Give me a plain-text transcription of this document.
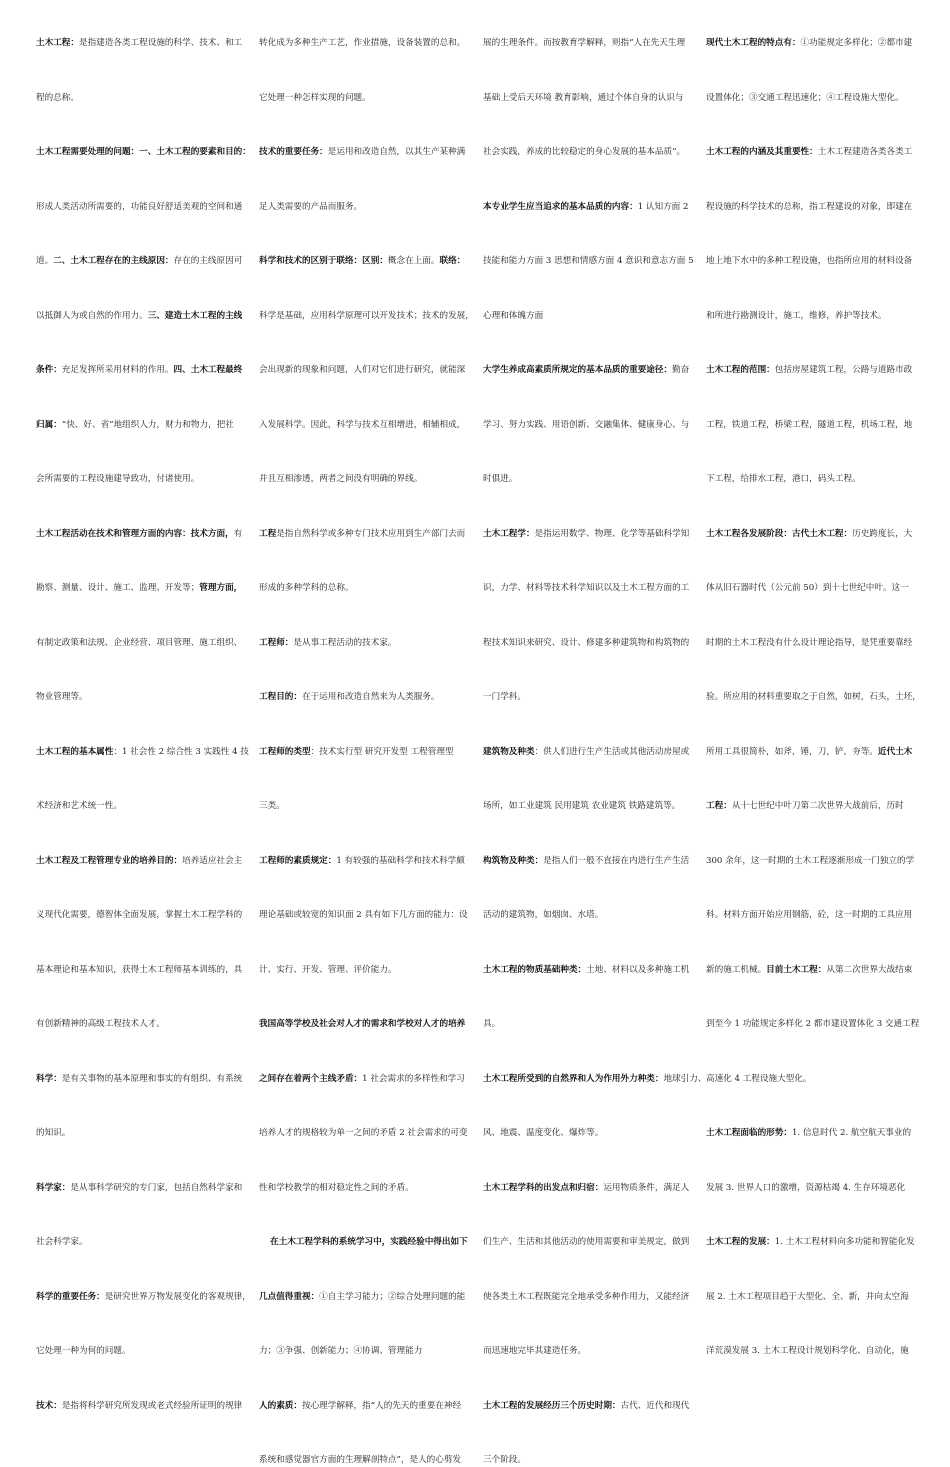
土木工程：是指建造各类工程设施的科学、技术、和工
程的总称。
土木工程需要处理的问题：一、土木工程的要素和目的：
形成人类活动所需要的，功能良好舒适美观的空间和通
道。二、土木工程存在的主线原因：存在的主线原因可
以抵御人为或自然的作用力。三、建造土木工程的主线
条件：充足发挥所采用材料的作用。四、土木工程最终
归属：“快、好、省”地组织人力，财力和物力，把社
会所需要的工程设施建导致功，付诸使用。
土木工程活动在技术和管理方面的内容：技术方面，有
勘察、测量、设计、施工、监理、开发等；管理方面，
有制定政策和法规、企业经营、项目管理、施工组织、
物业管理等。
土木工程的基本属性：1 社会性 2 综合性 3 实践性 4 技
术经济和艺术统一性。
土木工程及工程管理专业的培养目的：培养适应社会主
义现代化需要，德智体全面发展，掌握土木工程学科的
基本理论和基本知识，获得土木工程师基本训练的，具
有创新精神的高级工程技术人才。
科学：是有关事物的基本原理和事实的有组织、有系统
的知识。
科学家：是从事科学研究的专门家，包括自然科学家和
社会科学家。
科学的重要任务：是研究世界万物发展变化的客观规律，
它处理一种为何的问题。
技术：是指将科学研究所发现或老式经验所证明的规律
转化成为多种生产工艺，作业措施，设备装置的总和。
它处理一种怎样实现的问题。
技术的重要任务：是运用和改造自然，以其生产某种满
足人类需要的产品而服务。
科学和技术的区别于联络：区别：概念在上面。联络：
科学是基础，应用科学原理可以开发技术；技术的发展，
会出现新的现象和问题，人们对它们进行研究，就能深
入发展科学。因此，科学与技术互相增进，相辅相成，
并且互相渗透，两者之间没有明确的界线。
工程是指自然科学或多种专门技术应用到生产部门去而
形成的多种学科的总称。
工程师：是从事工程活动的技术家。
工程目的：在于运用和改造自然来为人类服务。
工程师的类型：技术实行型 研究开发型 工程管理型
三类。
工程师的素质规定：1 有较强的基础科学和技术科学颇
理论基础或较宽的知识面 2 具有如下几方面的能力：设
计、实行、开发、管理、评价能力。
我国高等学校及社会对人才的需求和学校对人才的培养
之间存在着两个主线矛盾：1 社会需求的多样性和学习
培养人才的规格较为单一之间的矛盾 2 社会需求的可变
性和学校教学的相对稳定性之间的矛盾。
在土木工程学科的系统学习中，实践经验中得出如下
几点值得重视：①自主学习能力；②综合处理问题的能
力；③争强、创新能力；④协调、管理能力
人的素质：按心理学解释，指“人的先天的重要在神经
系统和感觉器官方面的生理解剖特点”，是人的心剪发
展的生理条件。而按教育学解释，则指“人在先天生理
基础上受后天环境 教育影响，通过个体自身的认识与
社会实践，养成的比较稳定的身心发展的基本品质”。
本专业学生应当追求的基本品质的内容：1 认知方面 2
技能和能力方面 3 思想和情感方面 4 意识和意志方面 5
心理和体魄方面
大学生养成高素质所规定的基本品质的重要途径：勤奋
学习、努力实践、用语创新、交融集体、健康身心、与
时俱进。
土木工程学：是指运用数学、物理、化学等基础科学知
识，力学、材料等技术科学知识以及土木工程方面的工
程技术知识来研究、设计、修建多种建筑物和构筑物的
一门学科。
建筑物及种类：供人们进行生产生活或其他活动房屋或
场所，如工业建筑 民用建筑 农业建筑 铁路建筑等。
构筑物及种类：是指人们一般不直接在内进行生产生活
活动的建筑物，如烟囱、水塔。
土木工程的物质基础种类：土地、材料以及多种施工机
具。
土木工程所受到的自然界和人为作用外力种类：地球引力、
风、地震、温度变化、爆炸等。
土木工程学科的出发点和归宿：运用物质条件，满足人
们生产、生活和其他活动的使用需要和审美规定，做到
使各类土木工程既能完全地承受多种作用力，又能经济
而迅速地完毕其建造任务。
土木工程的发展经历三个历史时期：古代、近代和现代
三个阶段。
现代土木工程的特点有：①功能规定多样化；②都市建
设置体化；③交通工程迅速化；④工程设施大型化。
土木工程的内涵及其重要性：土木工程建造各类各类工
程设施的科学技术的总称，指工程建设的对象，即建在
地上地下水中的多种工程设施，也指所应用的材料设备
和所进行勘测设计，施工，维修，养护等技术。
土木工程的范围：包括房屋建筑工程，公路与道路市政
工程，铁道工程，桥梁工程，隧道工程，机场工程，地
下工程，给排水工程，港口，码头工程。
土木工程各发展阶段：古代土木工程：历史跨度长，大
体从旧石器时代（公元前 50）到十七世纪中叶。这一
时期的土木工程没有什么设计理论指导，是凭重要靠经
验。所应用的材料重要取之于自然，如树，石头，土坯，
所用工具很简朴，如斧，锤，刀，铲，夯等。近代土木
工程：从十七世纪中叶刀第二次世界大战前后，历时
300 余年，这一时期的土木工程逐渐形成一门独立的学
科。材料方面开始应用钢筋，砼，这一时期的工具应用
新的施工机械。目前土木工程：从第二次世界大战结束
到至今 1 功能规定多样化 2 都市建设置体化 3 交通工程
高速化 4 工程设施大型化。
土木工程面临的形势：1. 信息时代 2. 航空航天事业的
发展 3. 世界人口的激增，资源枯竭 4. 生存环境恶化
土木工程的发展：1. 土木工程材料向多功能和智能化发
展 2. 土木工程项目趋于大型化、全、新，并向太空海
洋荒漠发展 3. 土木工程设计规划科学化、自动化，施
